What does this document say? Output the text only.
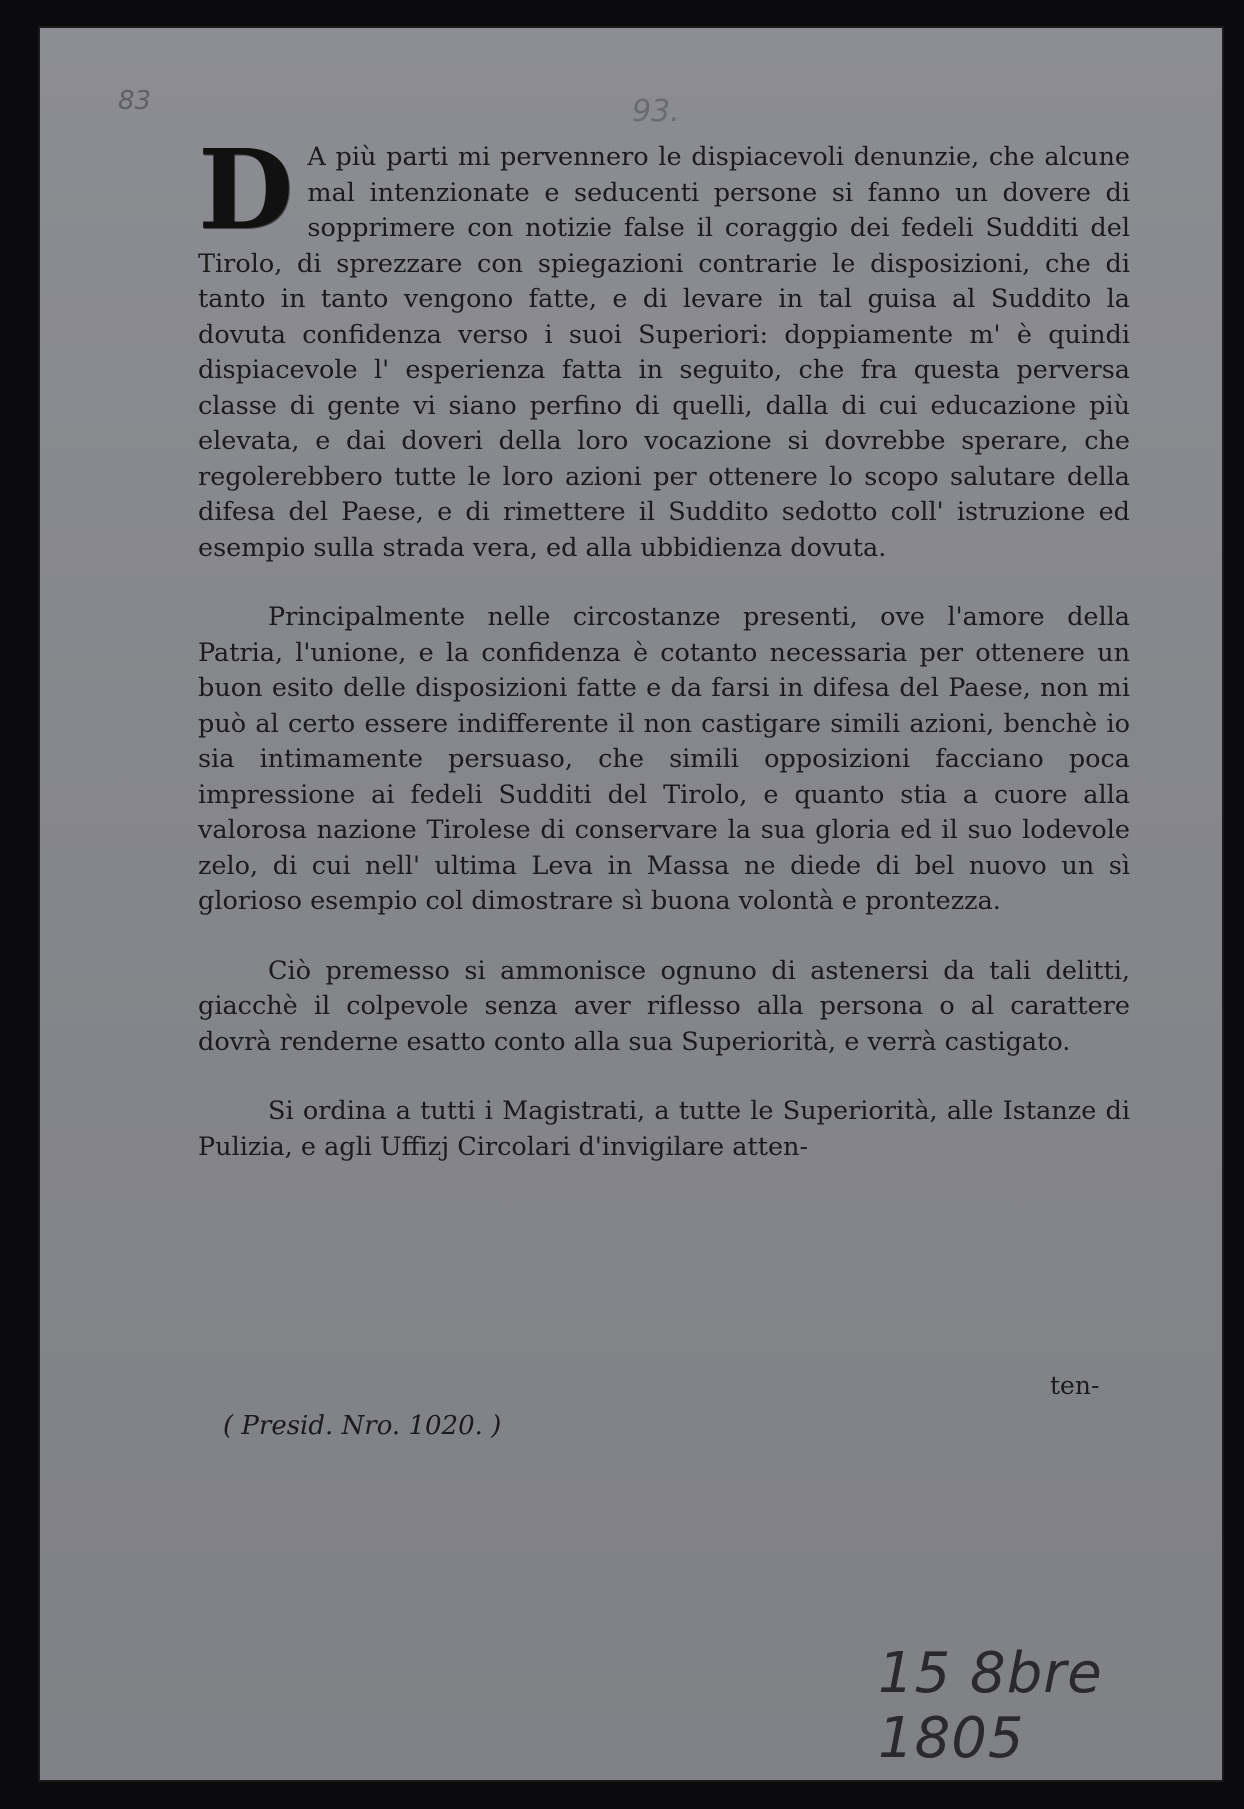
83	93.

D A più parti mi pervennero le dispiacevoli denunzie, che alcune mal intenzionate e seducenti persone si fanno un dovere di sopprimere con notizie false il coraggio dei fedeli Sudditi del Tirolo, di sprezzare con spiegazioni contrarie le disposizioni, che di tanto in tanto vengono fatte, e di levare in tal guisa al Suddito la dovuta confidenza verso i suoi Superiori: doppiamente m' è quindi dispiacevole l' esperienza fatta in seguito, che fra questa perversa classe di gente vi siano perfino di quelli, dalla di cui educazione più elevata, e dai doveri della loro vocazione si dovrebbe sperare, che regolerebbero tutte le loro azioni per ottenere lo scopo salutare della difesa del Paese, e di rimettere il Suddito sedotto coll' istruzione ed esempio sulla strada vera, ed alla ubbidienza dovuta.

Principalmente nelle circostanze presenti, ove l'amore della Patria, l'unione, e la confidenza è cotanto necessaria per ottenere un buon esito delle disposizioni fatte e da farsi in difesa del Paese, non mi può al certo essere indifferente il non castigare simili azioni, benchè io sia intimamente persuaso, che simili opposizioni facciano poca impressione ai fedeli Sudditi del Tirolo, e quanto stia a cuore alla valorosa nazione Tirolese di conservare la sua gloria ed il suo lodevole zelo, di cui nell' ultima Leva in Massa ne diede di bel nuovo un sì glorioso esempio col dimostrare sì buona volontà e prontezza.

Ciò premesso si ammonisce ognuno di astenersi da tali delitti, giacchè il colpevole senza aver riflesso alla persona o al carattere dovrà renderne esatto conto alla sua Superiorità, e verrà castigato.

Si ordina a tutti i Magistrati, a tutte le Superiorità, alle Istanze di Pulizia, e agli Uffizj Circolari d'invigilare atten-

ten-
( Presid. Nro. 1020. )
15 8bre 1805
